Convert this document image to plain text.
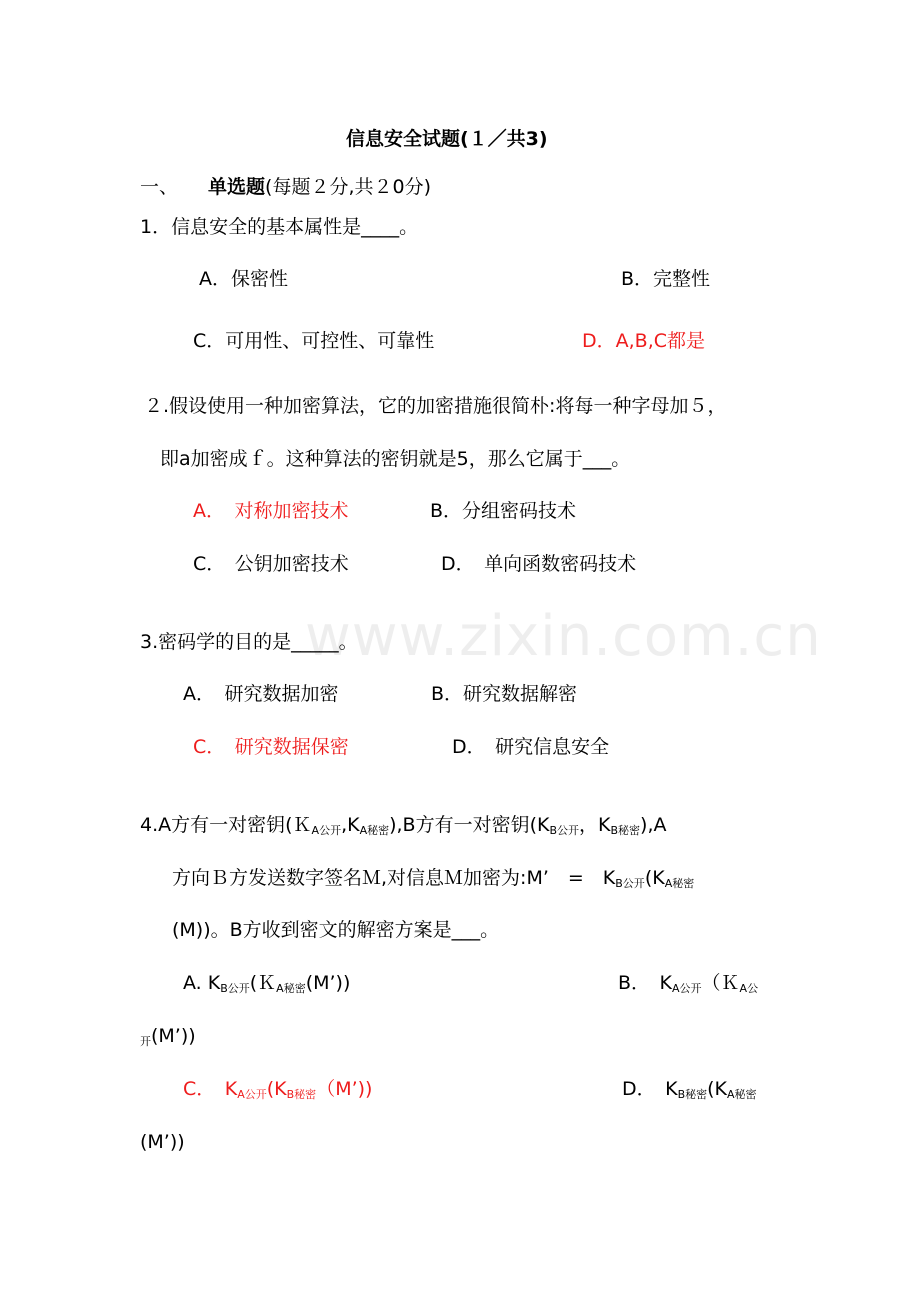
www.zixin.com.cn
信息安全试题(１／共3)
一、 单选题(每题２分,共２0分)
1．信息安全的基本属性是____。
A．保密性	B．完整性
C．可用性、可控性、可靠性	D．A,B,C都是
２.假设使用一种加密算法，它的加密措施很简朴:将每一种字母加５，
即a加密成ｆ。这种算法的密钥就是5，那么它属于___。
A．　对称加密技术	B．分组密码技术
C．　公钥加密技术	D．　单向函数密码技术
3.密码学的目的是_____。
A．　研究数据加密	B．研究数据解密
C．　研究数据保密	D．　研究信息安全
4.A方有一对密钥$(K_{A公开},K_{A秘密}),B$方有一对密钥($K_{B公开}$，$K_{B秘密}),A$
方向Ｂ方发送数字签名Ｍ,对信息Ｍ加密为:M’　=　$K_{B公开}(K_{A秘密}$
(M))。B方收到密文的解密方案是___。
A. $K_{B公开}(K_{A秘密}(M’))$	B．　$K_{A公开}(K_{A公}$
$_开$(M’))
C．　$K_{A公开}(K_{B秘密}(M’))$	D．　$K_{B秘密}(K_{A秘密}$
(M’))
